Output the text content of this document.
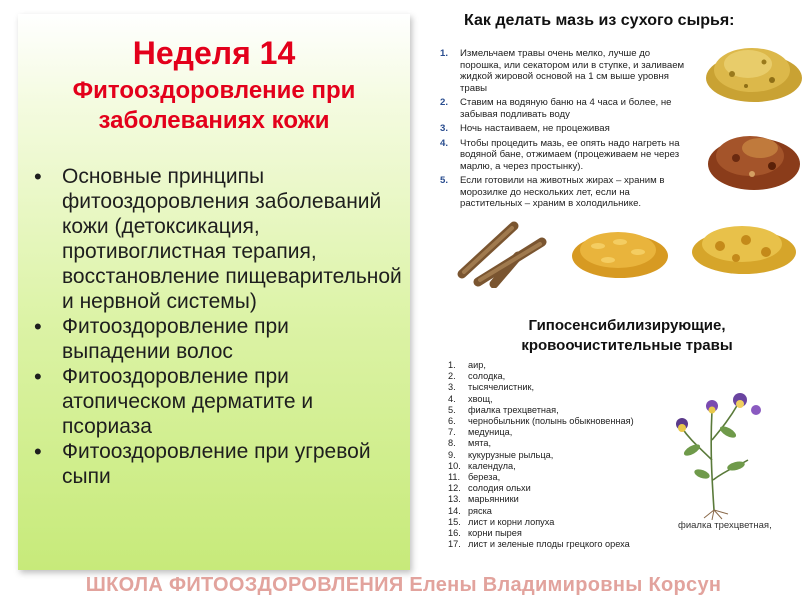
Неделя 14
Фитооздоровление при заболеваниях кожи
• Основные принципы фитооздоровления заболеваний кожи (детоксикация, противоглистная терапия, восстановление пищеварительной и нервной системы)
• Фитооздоровление при выпадении волос
• Фитооздоровление при атопическом дерматите и псориаза
• Фитооздоровление при угревой сыпи
Как делать мазь из сухого сырья:
1. Измельчаем травы очень мелко, лучше до порошка, или секатором или в ступке, и заливаем жидкой жировой основой на 1 см выше уровня травы
2. Ставим на водяную баню на 4 часа и более, не забывая подливать воду
3. Ночь настаиваем, не процеживая
4. Чтобы процедить мазь, ее опять надо нагреть на водяной бане, отжимаем (процеживаем не через марлю, а через простынку).
5. Если готовили на животных жирах – храним в морозилке до нескольких лет, если на растительных – храним в холодильнике.
Гипосенсибилизирующие, кровоочистительные травы
1. аир,
2. солодка,
3. тысячелистник,
4. хвощ,
5. фиалка трехцветная,
6. чернобыльник (полынь обыкновенная)
7. медуница,
8. мята,
9. кукурузные рыльца,
10. календула,
11. береза,
12. солодия ольхи
13. марьянники
14. ряска
15. лист и корни лопуха
16. корни пырея
17. лист и зеленые плоды грецкого ореха
фиалка трехцветная,
ШКОЛА ФИТООЗДОРОВЛЕНИЯ Елены Владимировны Корсун
